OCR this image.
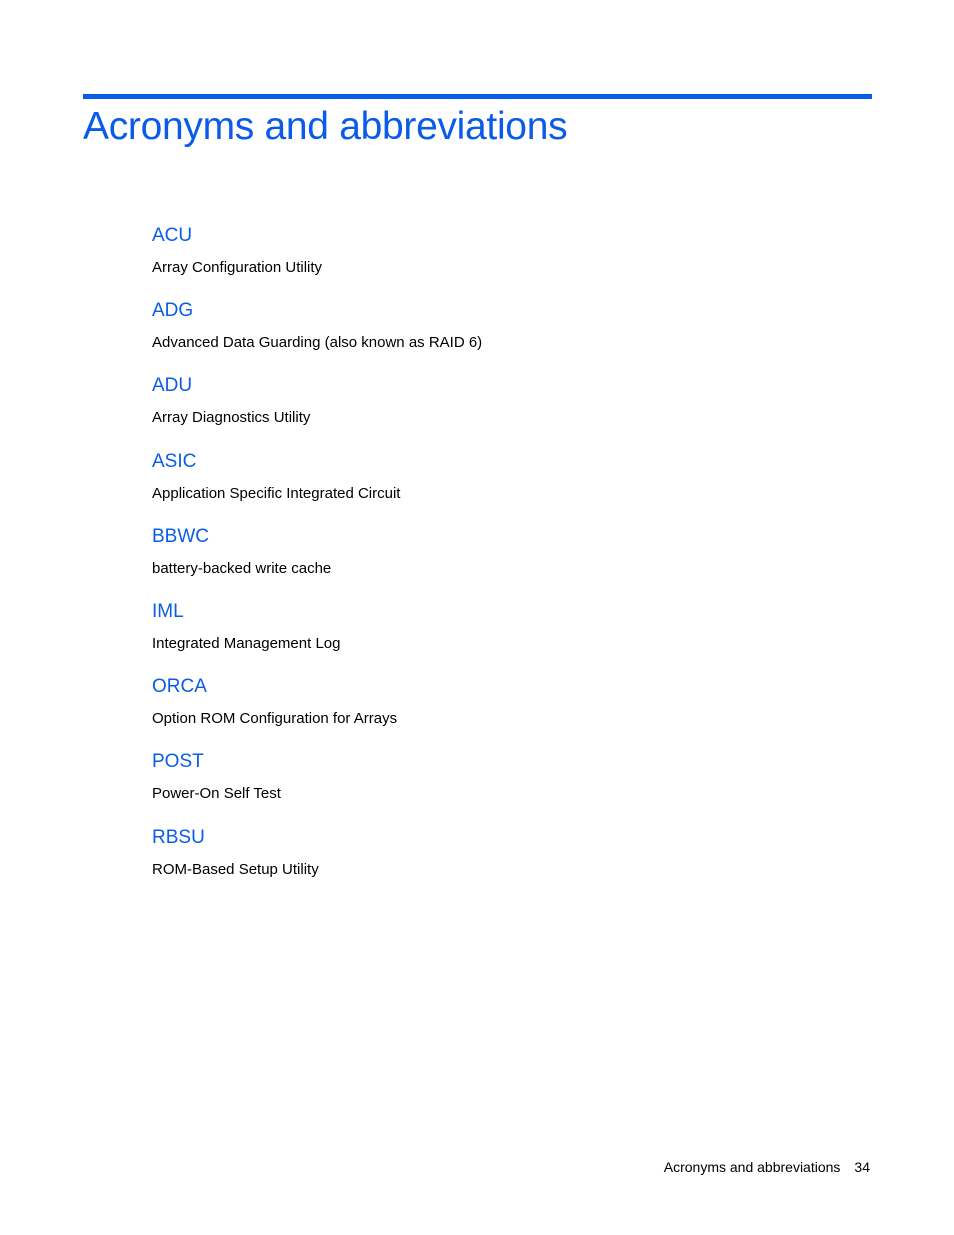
Acronyms and abbreviations
ACU
Array Configuration Utility
ADG
Advanced Data Guarding (also known as RAID 6)
ADU
Array Diagnostics Utility
ASIC
Application Specific Integrated Circuit
BBWC
battery-backed write cache
IML
Integrated Management Log
ORCA
Option ROM Configuration for Arrays
POST
Power-On Self Test
RBSU
ROM-Based Setup Utility
Acronyms and abbreviations 34
